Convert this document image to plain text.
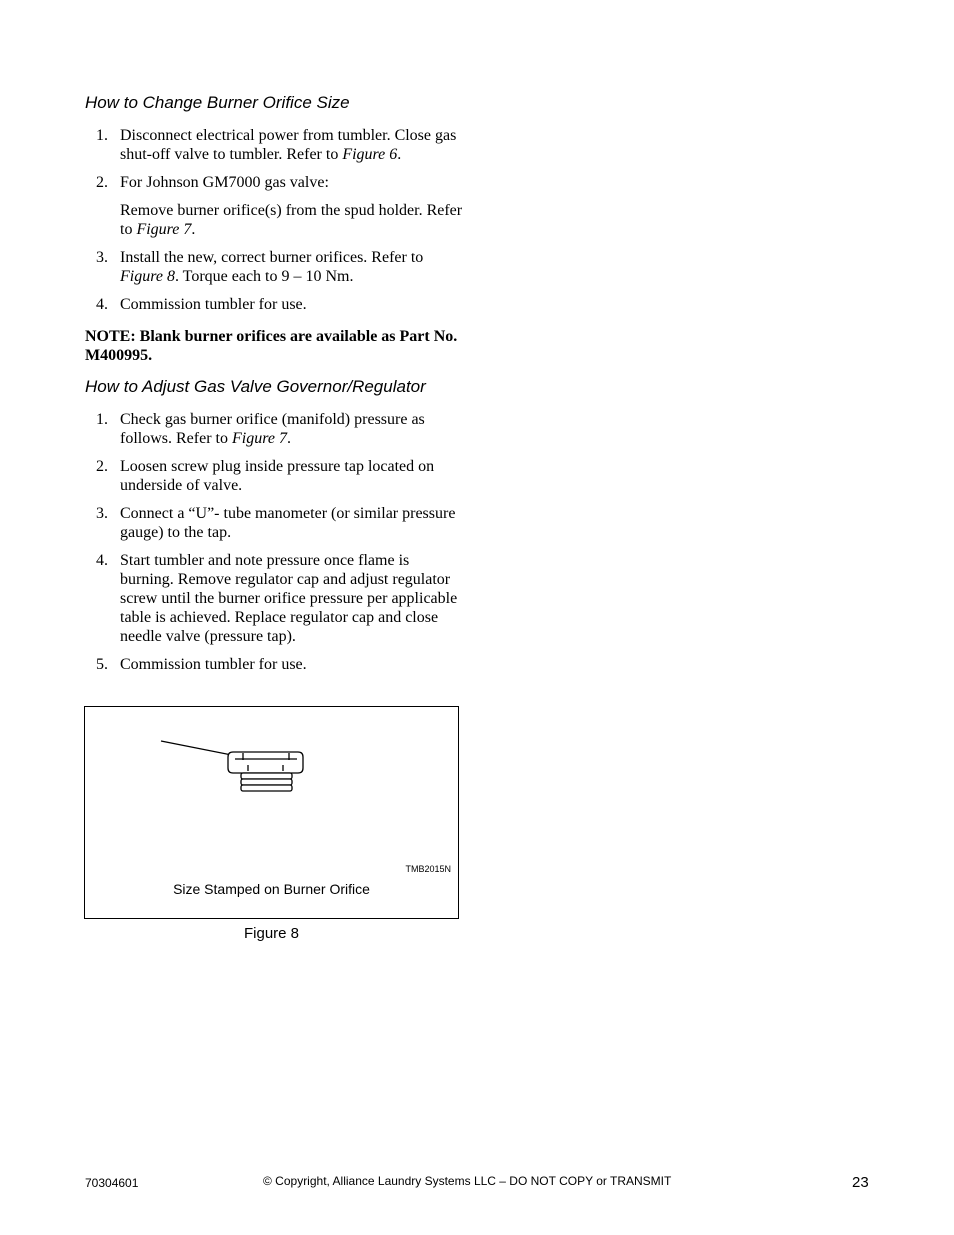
How to Change Burner Orifice Size
1. Disconnect electrical power from tumbler. Close gas shut-off valve to tumbler. Refer to Figure 6.
2. For Johnson GM7000 gas valve:

Remove burner orifice(s) from the spud holder. Refer to Figure 7.

3. Install the new, correct burner orifices. Refer to Figure 8. Torque each to 9 – 10 Nm.
4. Commission tumbler for use.

NOTE: Blank burner orifices are available as Part No. M400995.

How to Adjust Gas Valve Governor/Regulator
1. Check gas burner orifice (manifold) pressure as follows. Refer to Figure 7.
2. Loosen screw plug inside pressure tap located on underside of valve.
3. Connect a “U”- tube manometer (or similar pressure gauge) to the tap.
4. Start tumbler and note pressure once flame is burning. Remove regulator cap and adjust regulator screw until the burner orifice pressure per applicable table is achieved. Replace regulator cap and close needle valve (pressure tap).
5. Commission tumbler for use.
TMB2015N
Size Stamped on Burner Orifice
Figure 8
70304601	© Copyright, Alliance Laundry Systems LLC – DO NOT COPY or TRANSMIT	23
